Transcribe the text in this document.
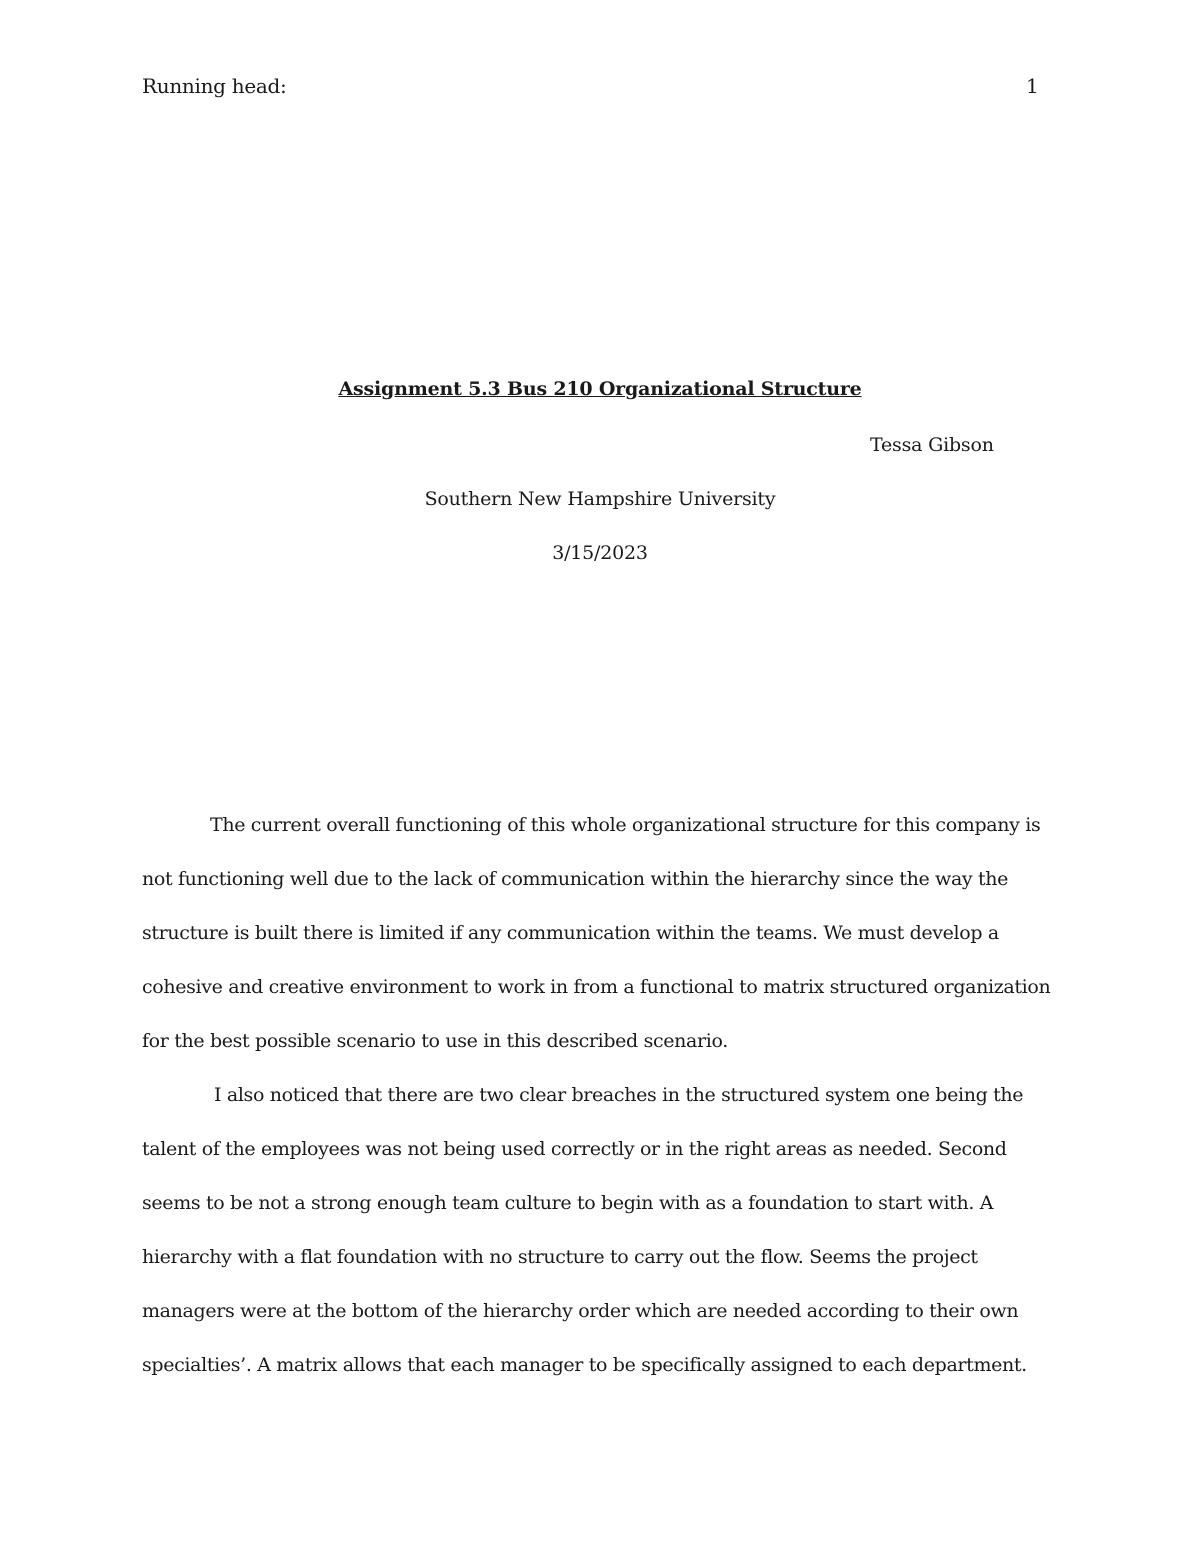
Running head:	1
Assignment 5.3 Bus 210 Organizational Structure
Tessa Gibson
Southern New Hampshire University
3/15/2023

The current overall functioning of this whole organizational structure for this company is not functioning well due to the lack of communication within the hierarchy since the way the structure is built there is limited if any communication within the teams. We must develop a cohesive and creative environment to work in from a functional to matrix structured organization for the best possible scenario to use in this described scenario.

I also noticed that there are two clear breaches in the structured system one being the talent of the employees was not being used correctly or in the right areas as needed. Second seems to be not a strong enough team culture to begin with as a foundation to start with. A hierarchy with a flat foundation with no structure to carry out the flow. Seems the project managers were at the bottom of the hierarchy order which are needed according to their own specialties’. A matrix allows that each manager to be specifically assigned to each department.
